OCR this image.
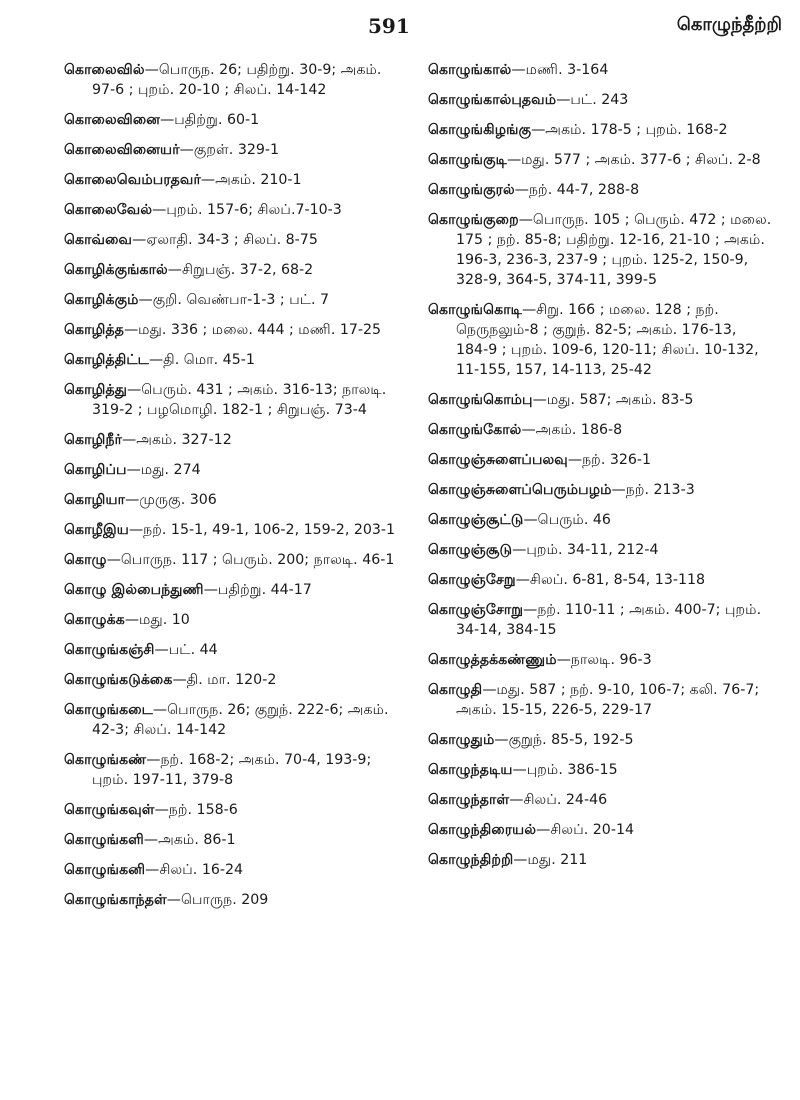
591	கொழுந்தீற்றி
கொலைவில்—பொருந. 26; பதிற்று. 30-9; அகம். 97-6 ; புறம். 20-10 ; சிலப். 14-142
கொலைவினை—பதிற்று. 60-1
கொலைவினையர்—குறள். 329-1
கொலைவெம்பரதவர்—அகம். 210-1
கொலைவேல்—புறம். 157-6; சிலப்.7-10-3
கொவ்வை—ஏலாதி. 34-3 ; சிலப். 8-75
கொழிக்குங்கால்—சிறுபஞ். 37-2, 68-2
கொழிக்கும்—குறி. வெண்பா-1-3 ; பட். 7
கொழித்த—மது. 336 ; மலை. 444 ; மணி. 17-25
கொழித்திட்ட—தி. மொ. 45-1
கொழித்து—பெரும். 431 ; அகம். 316-13; நாலடி. 319-2 ; பழமொழி. 182-1 ; சிறுபஞ். 73-4
கொழிநீர்—அகம். 327-12
கொழிப்ப—மது. 274
கொழியா—முருகு. 306
கொழீஇய—நற். 15-1, 49-1, 106-2, 159-2, 203-1
கொழு—பொருந. 117 ; பெரும். 200; நாலடி. 46-1
கொழு இல்பைந்துணி—பதிற்று. 44-17
கொழுக்க—மது. 10
கொழுங்கஞ்சி—பட். 44
கொழுங்கடுக்கை—தி. மா. 120-2
கொழுங்கடை—பொருந. 26; குறுந். 222-6; அகம். 42-3; சிலப். 14-142
கொழுங்கண்—நற். 168-2; அகம். 70-4, 193-9; புறம். 197-11, 379-8
கொழுங்கவுள்—நற். 158-6
கொழுங்களி—அகம். 86-1
கொழுங்கனி—சிலப். 16-24
கொழுங்காந்தள்—பொருந. 209
கொழுங்கால்—மணி. 3-164
கொழுங்கால்புதவம்—பட். 243
கொழுங்கிழங்கு—அகம். 178-5 ; புறம். 168-2
கொழுங்குடி—மது. 577 ; அகம். 377-6 ; சிலப். 2-8
கொழுங்குரல்—நற். 44-7, 288-8
கொழுங்குறை—பொருந. 105 ; பெரும். 472 ; மலை. 175 ; நற். 85-8; பதிற்று. 12-16, 21-10 ; அகம். 196-3, 236-3, 237-9 ; புறம். 125-2, 150-9, 328-9, 364-5, 374-11, 399-5
கொழுங்கொடி—சிறு. 166 ; மலை. 128 ; நற். நெருநலும்-8 ; குறுந். 82-5; அகம். 176-13, 184-9 ; புறம். 109-6, 120-11; சிலப். 10-132, 11-155, 157, 14-113, 25-42
கொழுங்கொம்பு—மது. 587; அகம். 83-5
கொழுங்கோல்—அகம். 186-8
கொழுஞ்சுளைப்பலவு—நற். 326-1
கொழுஞ்சுளைப்பெரும்பழம்—நற். 213-3
கொழுஞ்சூட்டு—பெரும். 46
கொழுஞ்சூடு—புறம். 34-11, 212-4
கொழுஞ்சேறு—சிலப். 6-81, 8-54, 13-118
கொழுஞ்சோறு—நற். 110-11 ; அகம். 400-7; புறம். 34-14, 384-15
கொழுத்தக்கண்ணும்—நாலடி. 96-3
கொழுதி—மது. 587 ; நற். 9-10, 106-7; கலி. 76-7; அகம். 15-15, 226-5, 229-17
கொழுதும்—குறுந். 85-5, 192-5
கொழுந்தடிய—புறம். 386-15
கொழுந்தாள்—சிலப். 24-46
கொழுந்திரையல்—சிலப். 20-14
கொழுந்திற்றி—மது. 211
